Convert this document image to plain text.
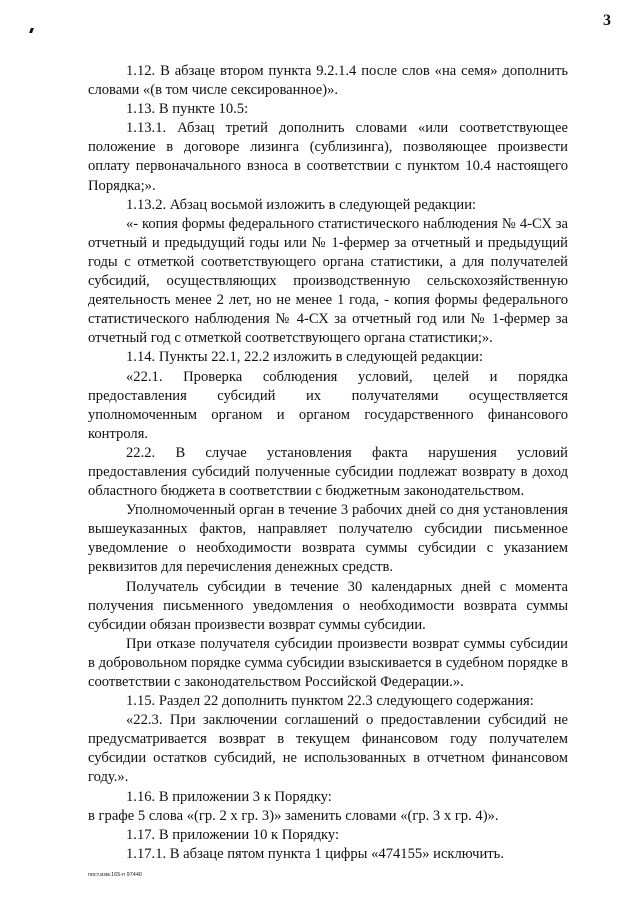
3

1.12. В абзаце втором пункта 9.2.1.4 после слов «на семя» дополнить словами «(в том числе сексированное)».

1.13. В пункте 10.5:

1.13.1. Абзац третий дополнить словами «или соответствующее положение в договоре лизинга (сублизинга), позволяющее произвести оплату первоначального взноса в соответствии с пунктом 10.4 настоящего Порядка;».

1.13.2. Абзац восьмой изложить в следующей редакции:

«- копия формы федерального статистического наблюдения № 4-СХ за отчетный и предыдущий годы или № 1-фермер за отчетный и предыдущий годы с отметкой соответствующего органа статистики, а для получателей субсидий, осуществляющих производственную сельскохозяйственную деятельность менее 2 лет, но не менее 1 года, - копия формы федерального статистического наблюдения № 4-СХ за отчетный год или № 1-фермер за отчетный год с отметкой соответствующего органа статистики;».

1.14. Пункты 22.1, 22.2 изложить в следующей редакции:

«22.1. Проверка соблюдения условий, целей и порядка предоставления субсидий их получателями осуществляется уполномоченным органом и органом государственного финансового контроля.

22.2. В случае установления факта нарушения условий предоставления субсидий полученные субсидии подлежат возврату в доход областного бюджета в соответствии с бюджетным законодательством.

Уполномоченный орган в течение 3 рабочих дней со дня установления вышеуказанных фактов, направляет получателю субсидии письменное уведомление о необходимости возврата суммы субсидии с указанием реквизитов для перечисления денежных средств.

Получатель субсидии в течение 30 календарных дней с момента получения письменного уведомления о необходимости возврата суммы субсидии обязан произвести возврат суммы субсидии.

При отказе получателя субсидии произвести возврат суммы субсидии в добровольном порядке сумма субсидии взыскивается в судебном порядке в соответствии с законодательством Российской Федерации.».

1.15. Раздел 22 дополнить пунктом 22.3 следующего содержания:

«22.3. При заключении соглашений о предоставлении субсидий не предусматривается возврат в текущем финансовом году получателем субсидии остатков субсидий, не использованных в отчетном финансовом году.».

1.16. В приложении 3 к Порядку:

в графе 5 слова «(гр. 2 х гр. 3)» заменить словами «(гр. 3 х гр. 4)».

1.17. В приложении 10 к Порядку:

1.17.1. В абзаце пятом пункта 1 цифры «474155» исключить.

пост.изм.165-п 97440
